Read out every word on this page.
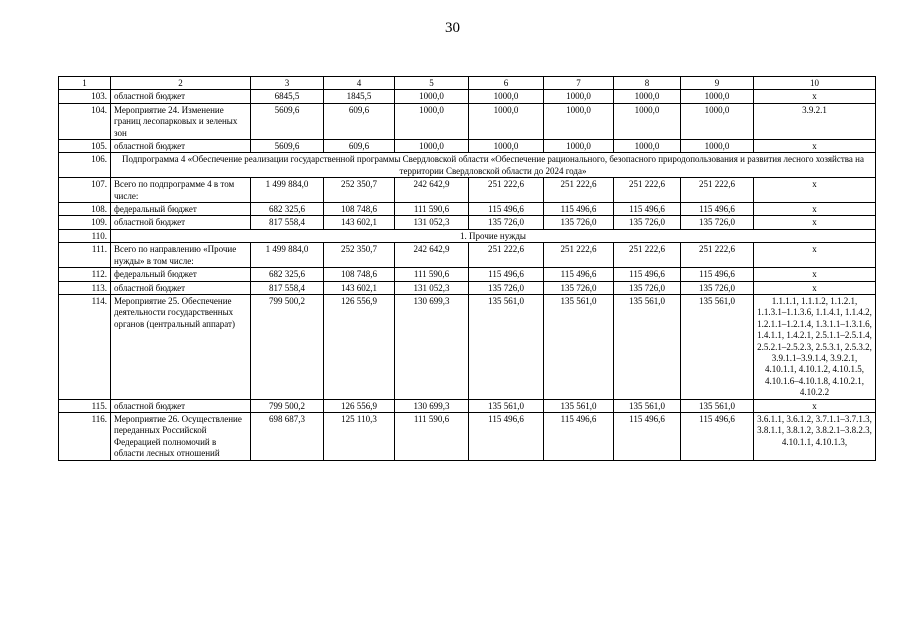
30
1	2	3	4	5	6	7	8	9	10
103.	областной бюджет	6845,5	1845,5	1000,0	1000,0	1000,0	1000,0	1000,0	х
104.	Мероприятие 24. Изменение границ лесопарковых и зеленых зон	5609,6	609,6	1000,0	1000,0	1000,0	1000,0	1000,0	3.9.2.1
105.	областной бюджет	5609,6	609,6	1000,0	1000,0	1000,0	1000,0	1000,0	х
106.	Подпрограмма 4 «Обеспечение реализации государственной программы Свердловской области «Обеспечение рационального, безопасного природопользования и развития лесного хозяйства на территории Свердловской области до 2024 года»								
107.	Всего по подпрограмме 4 в том числе:	1 499 884,0	252 350,7	242 642,9	251 222,6	251 222,6	251 222,6	251 222,6	х
108.	федеральный бюджет	682 325,6	108 748,6	111 590,6	115 496,6	115 496,6	115 496,6	115 496,6	х
109.	областной бюджет	817 558,4	143 602,1	131 052,3	135 726,0	135 726,0	135 726,0	135 726,0	х
110.	1. Прочие нужды								
111.	Всего по направлению «Прочие нужды» в том числе:	1 499 884,0	252 350,7	242 642,9	251 222,6	251 222,6	251 222,6	251 222,6	х
112.	федеральный бюджет	682 325,6	108 748,6	111 590,6	115 496,6	115 496,6	115 496,6	115 496,6	х
113.	областной бюджет	817 558,4	143 602,1	131 052,3	135 726,0	135 726,0	135 726,0	135 726,0	х
114.	Мероприятие 25. Обеспечение деятельности государственных органов (центральный аппарат)	799 500,2	126 556,9	130 699,3	135 561,0	135 561,0	135 561,0	135 561,0	1.1.1.1, 1.1.1.2, 1.1.2.1, 1.1.3.1–1.1.3.6, 1.1.4.1, 1.1.4.2, 1.2.1.1–1.2.1.4, 1.3.1.1–1.3.1.6, 1.4.1.1, 1.4.2.1, 2.5.1.1–2.5.1.4, 2.5.2.1–2.5.2.3, 2.5.3.1, 2.5.3.2, 3.9.1.1–3.9.1.4, 3.9.2.1, 4.10.1.1, 4.10.1.2, 4.10.1.5, 4.10.1.6–4.10.1.8, 4.10.2.1, 4.10.2.2
115.	областной бюджет	799 500,2	126 556,9	130 699,3	135 561,0	135 561,0	135 561,0	135 561,0	х
116.	Мероприятие 26. Осуществление переданных Российской Федерацией полномочий в области лесных отношений	698 687,3	125 110,3	111 590,6	115 496,6	115 496,6	115 496,6	115 496,6	3.6.1.1, 3.6.1.2, 3.7.1.1–3.7.1.3, 3.8.1.1, 3.8.1.2, 3.8.2.1–3.8.2.3, 4.10.1.1, 4.10.1.3,
